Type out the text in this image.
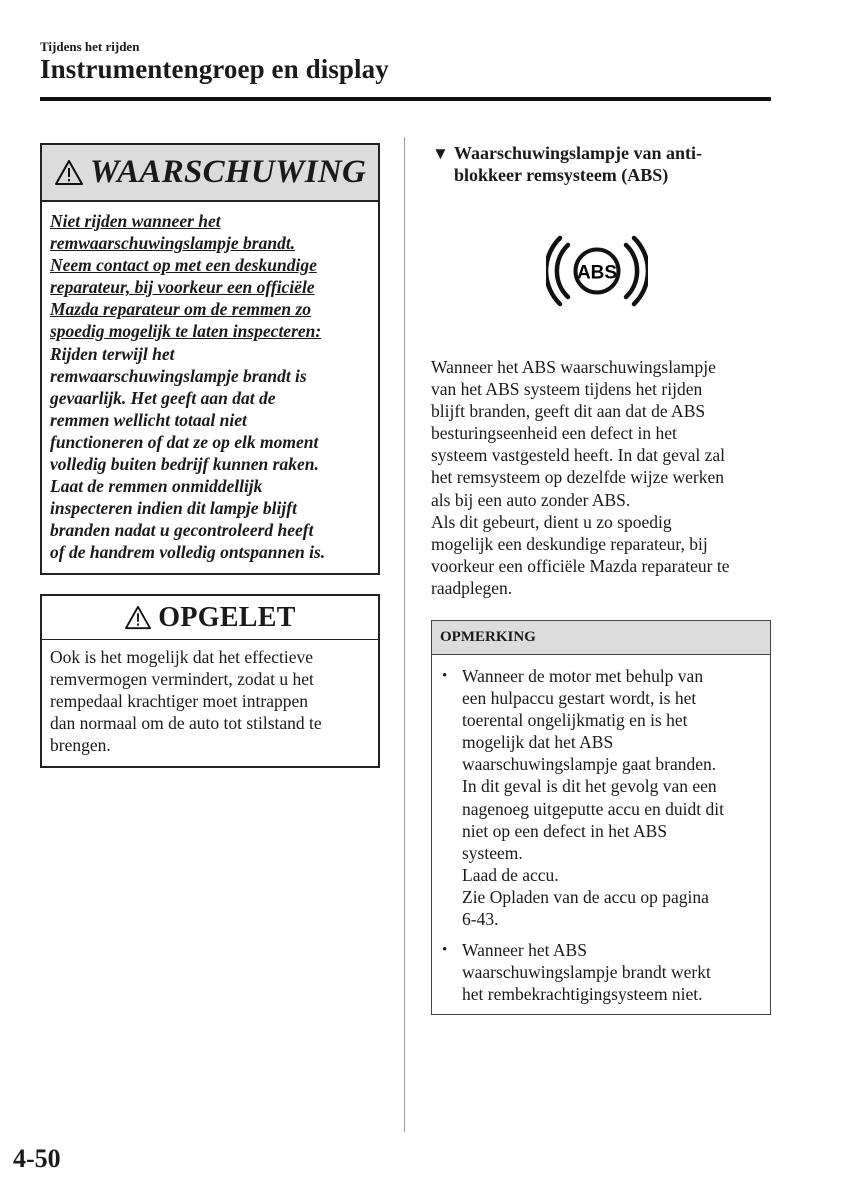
Tijdens het rijden
Instrumentengroep en display
WAARSCHUWING
Niet rijden wanneer het
remwaarschuwingslampje brandt.
Neem contact op met een deskundige
reparateur, bij voorkeur een officiële
Mazda reparateur om de remmen zo
spoedig mogelijk te laten inspecteren:
Rijden terwijl het
remwaarschuwingslampje brandt is
gevaarlijk. Het geeft aan dat de
remmen wellicht totaal niet
functioneren of dat ze op elk moment
volledig buiten bedrijf kunnen raken.
Laat de remmen onmiddellijk
inspecteren indien dit lampje blijft
branden nadat u gecontroleerd heeft
of de handrem volledig ontspannen is.
OPGELET
Ook is het mogelijk dat het effectieve
remvermogen vermindert, zodat u het
rempedaal krachtiger moet intrappen
dan normaal om de auto tot stilstand te
brengen.
▼ Waarschuwingslampje van anti-
blokkeer remsysteem (ABS)
ABS
Wanneer het ABS waarschuwingslampje
van het ABS systeem tijdens het rijden
blijft branden, geeft dit aan dat de ABS
besturingseenheid een defect in het
systeem vastgesteld heeft. In dat geval zal
het remsysteem op dezelfde wijze werken
als bij een auto zonder ABS.
Als dit gebeurt, dient u zo spoedig
mogelijk een deskundige reparateur, bij
voorkeur een officiële Mazda reparateur te
raadplegen.
OPMERKING
• Wanneer de motor met behulp van
een hulpaccu gestart wordt, is het
toerental ongelijkmatig en is het
mogelijk dat het ABS
waarschuwingslampje gaat branden.
In dit geval is dit het gevolg van een
nagenoeg uitgeputte accu en duidt dit
niet op een defect in het ABS
systeem.
Laad de accu.
Zie Opladen van de accu op pagina
6-43.
• Wanneer het ABS
waarschuwingslampje brandt werkt
het rembekrachtigingsysteem niet.
4-50
